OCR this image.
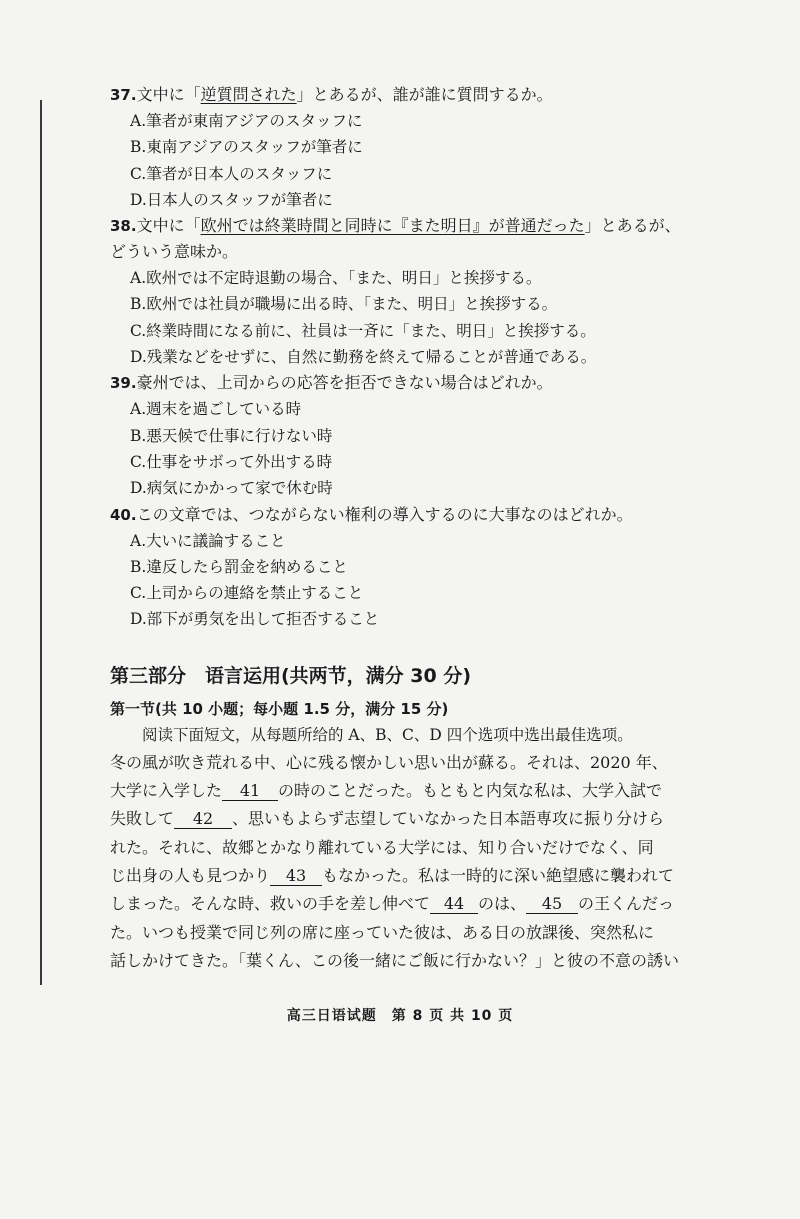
37.文中に「逆質問された」とあるが、誰が誰に質問するか。
A.筆者が東南アジアのスタッフに
B.東南アジアのスタッフが筆者に
C.筆者が日本人のスタッフに
D.日本人のスタッフが筆者に
38.文中に「欧州では終業時間と同時に『また明日』が普通だった」とあるが、
どういう意味か。
A.欧州では不定時退勤の場合、「また、明日」と挨拶する。
B.欧州では社員が職場に出る時、「また、明日」と挨拶する。
C.終業時間になる前に、社員は一斉に「また、明日」と挨拶する。
D.残業などをせずに、自然に勤務を終えて帰ることが普通である。
39.豪州では、上司からの応答を拒否できない場合はどれか。
A.週末を過ごしている時
B.悪天候で仕事に行けない時
C.仕事をサボって外出する時
D.病気にかかって家で休む時
40.この文章では、つながらない権利の導入するのに大事なのはどれか。
A.大いに議論すること
B.違反したら罰金を納めること
C.上司からの連絡を禁止すること
D.部下が勇気を出して拒否すること
第三部分　语言运用(共两节，满分 30 分)
第一节(共 10 小题；每小题 1.5 分，满分 15 分)
阅读下面短文，从每题所给的 A、B、C、D 四个选项中选出最佳选项。

冬の風が吹き荒れる中、心に残る懐かしい思い出が蘇る。それは、2020 年、

大学に入学した 41 の時のことだった。もともと内気な私は、大学入試で

失敗して 42 、思いもよらず志望していなかった日本語専攻に振り分けら

れた。それに、故郷とかなり離れている大学には、知り合いだけでなく、同

じ出身の人も見つかり 43 もなかった。私は一時的に深い絶望感に襲われて

しまった。そんな時、救いの手を差し伸べて 44 のは、 45 の王くんだっ

た。いつも授業で同じ列の席に座っていた彼は、ある日の放課後、突然私に

話しかけてきた。「葉くん、この後一緒にご飯に行かない？」と彼の不意の誘い

高三日语试题　第 8 页 共 10 页
